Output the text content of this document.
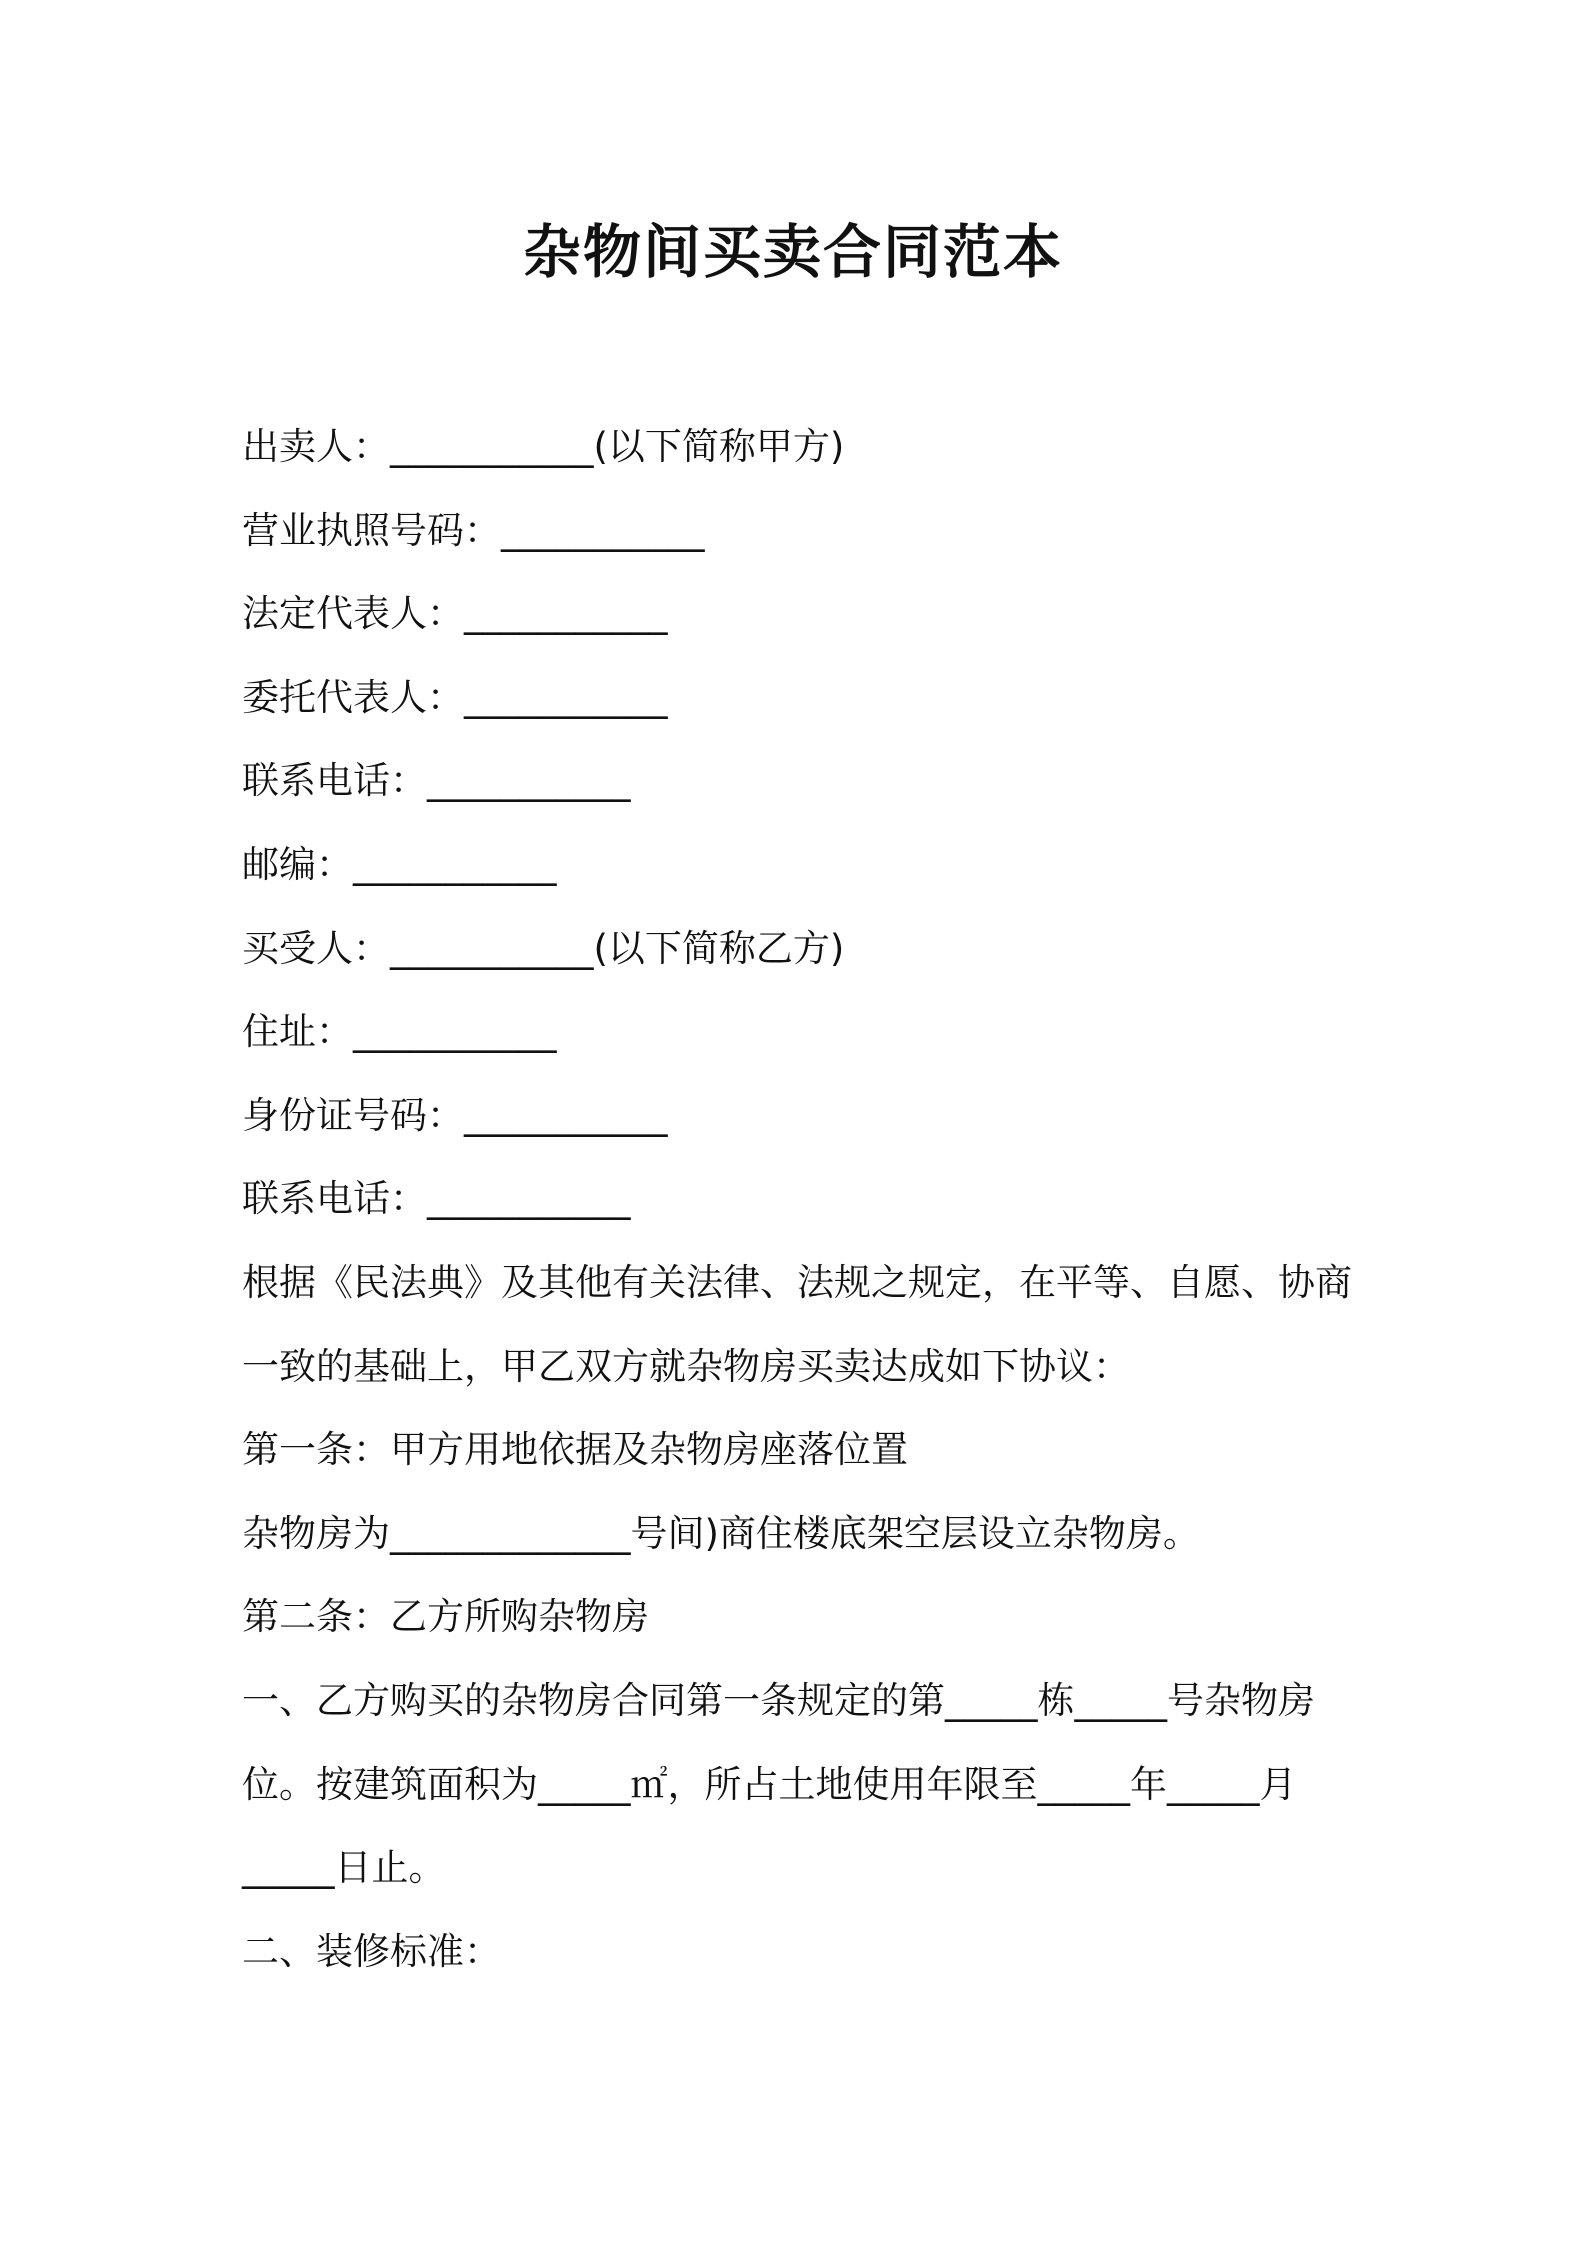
杂物间买卖合同范本
出卖人：___________(以下简称甲方)
营业执照号码：___________
法定代表人：___________
委托代表人：___________
联系电话：___________
邮编：___________
买受人：___________(以下简称乙方)
住址：___________
身份证号码：___________
联系电话：___________
根据《民法典》及其他有关法律、法规之规定，在平等、自愿、协商
一致的基础上，甲乙双方就杂物房买卖达成如下协议：
第一条：甲方用地依据及杂物房座落位置
杂物房为_____________号间)商住楼底架空层设立杂物房。
第二条：乙方所购杂物房
一、乙方购买的杂物房合同第一条规定的第_____栋_____号杂物房
位。按建筑面积为_____㎡，所占土地使用年限至_____年_____月
_____日止。
二、装修标准：
